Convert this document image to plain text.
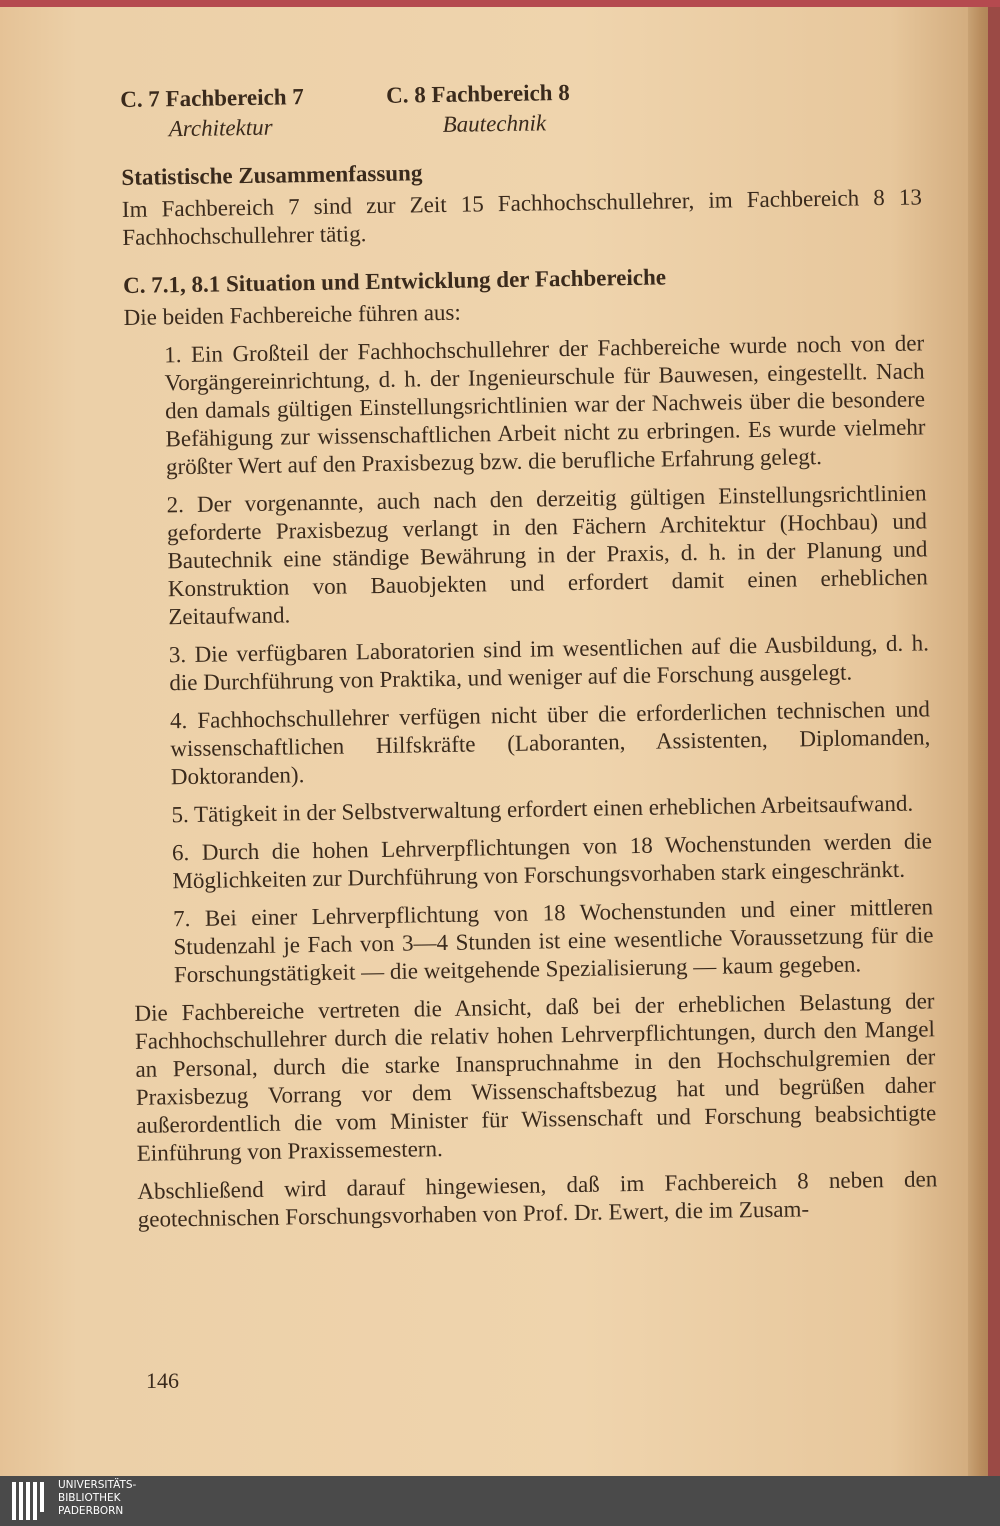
C. 7 Fachbereich 7
Architektur
C. 8 Fachbereich 8
Bautechnik
Statistische Zusammenfassung

Im Fachbereich 7 sind zur Zeit 15 Fachhochschullehrer, im Fachbereich 8 13 Fachhochschullehrer tätig.

C. 7.1, 8.1 Situation und Entwicklung der Fachbereiche

Die beiden Fachbereiche führen aus:

1. Ein Großteil der Fachhochschullehrer der Fachbereiche wurde noch von der Vorgängereinrichtung, d. h. der Ingenieurschule für Bauwesen, eingestellt. Nach den damals gültigen Einstellungsrichtlinien war der Nachweis über die besondere Befähigung zur wissenschaftlichen Arbeit nicht zu erbringen. Es wurde vielmehr größter Wert auf den Praxisbezug bzw. die berufliche Erfahrung gelegt.
2. Der vorgenannte, auch nach den derzeitig gültigen Einstellungsrichtlinien geforderte Praxisbezug verlangt in den Fächern Architektur (Hochbau) und Bautechnik eine ständige Bewährung in der Praxis, d. h. in der Planung und Konstruktion von Bauobjekten und erfordert damit einen erheblichen Zeitaufwand.
3. Die verfügbaren Laboratorien sind im wesentlichen auf die Ausbildung, d. h. die Durchführung von Praktika, und weniger auf die Forschung ausgelegt.
4. Fachhochschullehrer verfügen nicht über die erforderlichen technischen und wissenschaftlichen Hilfskräfte (Laboranten, Assistenten, Diplomanden, Doktoranden).
5. Tätigkeit in der Selbstverwaltung erfordert einen erheblichen Arbeitsaufwand.
6. Durch die hohen Lehrverpflichtungen von 18 Wochenstunden werden die Möglichkeiten zur Durchführung von Forschungsvorhaben stark eingeschränkt.
7. Bei einer Lehrverpflichtung von 18 Wochenstunden und einer mittleren Studenzahl je Fach von 3—4 Stunden ist eine wesentliche Voraussetzung für die Forschungstätigkeit — die weitgehende Spezialisierung — kaum gegeben.

Die Fachbereiche vertreten die Ansicht, daß bei der erheblichen Belastung der Fachhochschullehrer durch die relativ hohen Lehrverpflichtungen, durch den Mangel an Personal, durch die starke Inanspruchnahme in den Hochschulgremien der Praxisbezug Vorrang vor dem Wissenschaftsbezug hat und begrüßen daher außerordentlich die vom Minister für Wissenschaft und Forschung beabsichtigte Einführung von Praxissemestern.

Abschließend wird darauf hingewiesen, daß im Fachbereich 8 neben den geotechnischen Forschungsvorhaben von Prof. Dr. Ewert, die im Zusam-

146
UNIVERSITÄTS-
BIBLIOTHEK
PADERBORN
